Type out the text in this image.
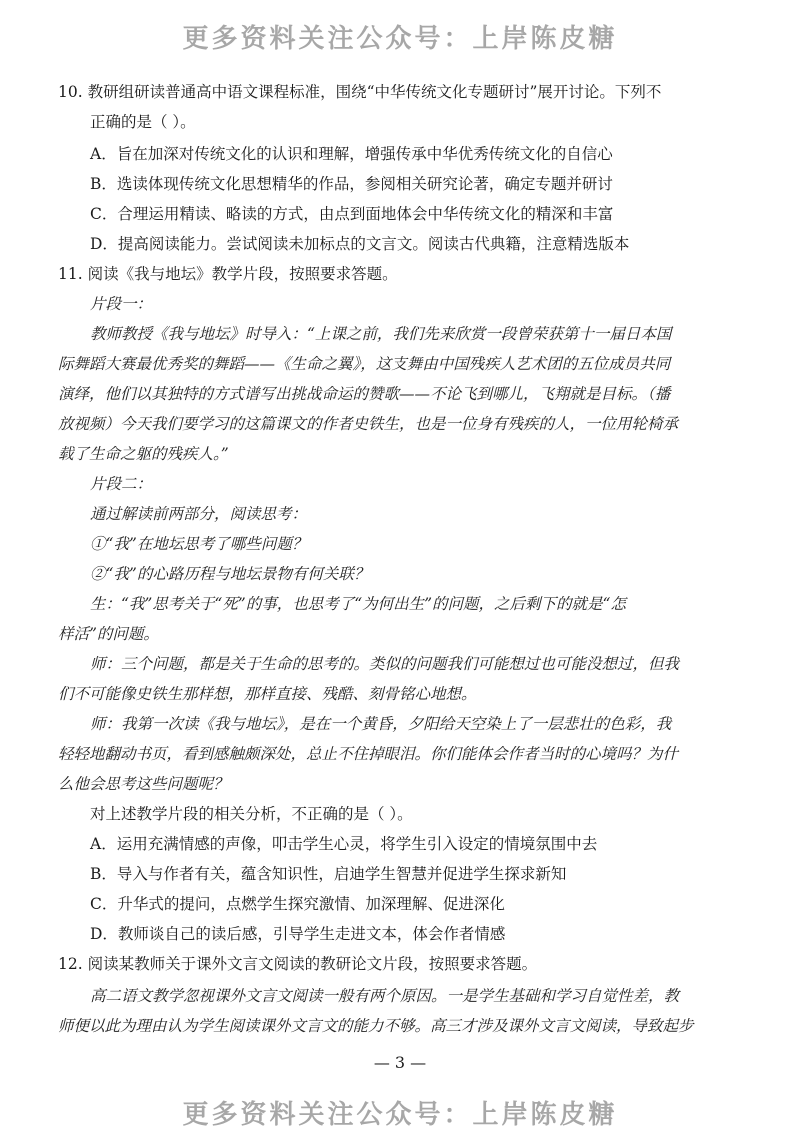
更多资料关注公众号：上岸陈皮糖
10. 教研组研读普通高中语文课程标准，围绕“中华传统文化专题研讨”展开讨论。下列不
正确的是（ ）。
A．旨在加深对传统文化的认识和理解，增强传承中华优秀传统文化的自信心
B．选读体现传统文化思想精华的作品，参阅相关研究论著，确定专题并研讨
C．合理运用精读、略读的方式，由点到面地体会中华传统文化的精深和丰富
D．提高阅读能力。尝试阅读未加标点的文言文。阅读古代典籍，注意精选版本
11. 阅读《我与地坛》教学片段，按照要求答题。
片段一：
教师教授《我与地坛》时导入：“上课之前，我们先来欣赏一段曾荣获第十一届日本国
际舞蹈大赛最优秀奖的舞蹈——《生命之翼》，这支舞由中国残疾人艺术团的五位成员共同
演绎，他们以其独特的方式谱写出挑战命运的赞歌——不论飞到哪儿，飞翔就是目标。（播
放视频）今天我们要学习的这篇课文的作者史铁生，也是一位身有残疾的人，一位用轮椅承
载了生命之躯的残疾人。”
片段二：
通过解读前两部分，阅读思考：
①“我”在地坛思考了哪些问题？
②“我”的心路历程与地坛景物有何关联？
生：“我”思考关于“死”的事，也思考了“为何出生”的问题，之后剩下的就是“怎
样活”的问题。
师：三个问题，都是关于生命的思考的。类似的问题我们可能想过也可能没想过，但我
们不可能像史铁生那样想，那样直接、残酷、刻骨铭心地想。
师：我第一次读《我与地坛》，是在一个黄昏，夕阳给天空染上了一层悲壮的色彩，我
轻轻地翻动书页，看到感触颇深处，总止不住掉眼泪。你们能体会作者当时的心境吗？为什
么他会思考这些问题呢？
对上述教学片段的相关分析，不正确的是（ ）。
A．运用充满情感的声像，叩击学生心灵，将学生引入设定的情境氛围中去
B．导入与作者有关，蕴含知识性，启迪学生智慧并促进学生探求新知
C．升华式的提问，点燃学生探究激情、加深理解、促进深化
D．教师谈自己的读后感，引导学生走进文本，体会作者情感
12. 阅读某教师关于课外文言文阅读的教研论文片段，按照要求答题。
高二语文教学忽视课外文言文阅读一般有两个原因。一是学生基础和学习自觉性差，教
师便以此为理由认为学生阅读课外文言文的能力不够。高三才涉及课外文言文阅读，导致起步
— 3 —
更多资料关注公众号：上岸陈皮糖
